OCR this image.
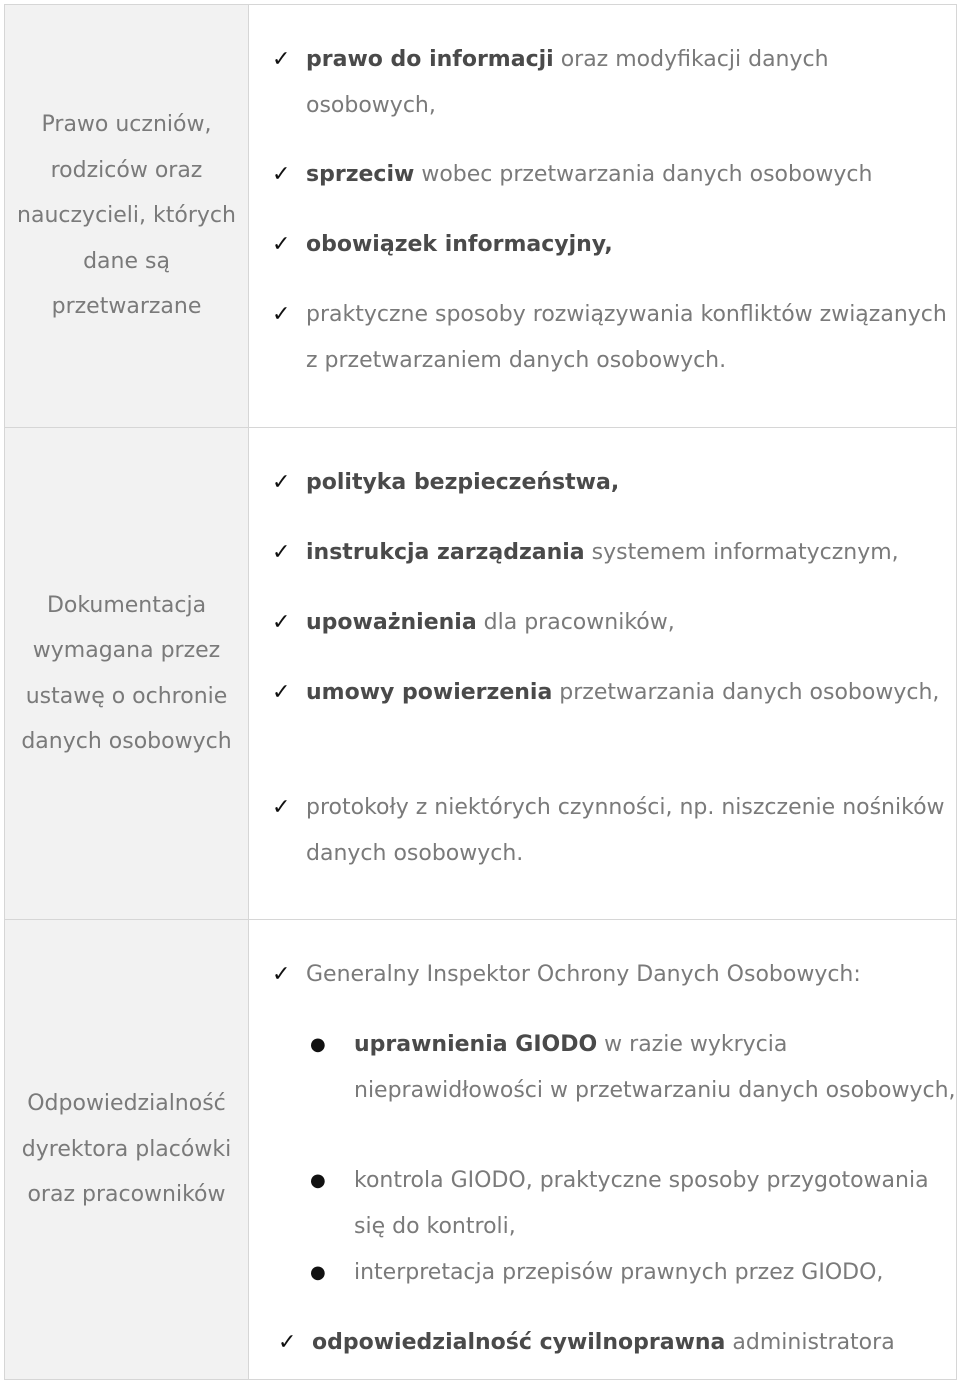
Prawo uczniów, rodziców oraz nauczycieli, których dane są przetwarzane
✓ prawo do informacji oraz modyfikacji danych osobowych,
✓ sprzeciw wobec przetwarzania danych osobowych
✓ obowiązek informacyjny,
✓ praktyczne sposoby rozwiązywania konfliktów związanych z przetwarzaniem danych osobowych.
Dokumentacja wymagana przez ustawę o ochronie danych osobowych
✓ polityka bezpieczeństwa,
✓ instrukcja zarządzania systemem informatycznym,
✓ upoważnienia dla pracowników,
✓ umowy powierzenia przetwarzania danych osobowych,
✓ protokoły z niektórych czynności, np. niszczenie nośników danych osobowych.
Odpowiedzialność dyrektora placówki oraz pracowników
✓ Generalny Inspektor Ochrony Danych Osobowych:
● uprawnienia GIODO w razie wykrycia nieprawidłowości w przetwarzaniu danych osobowych,
● kontrola GIODO, praktyczne sposoby przygotowania się do kontroli,
● interpretacja przepisów prawnych przez GIODO,
✓ odpowiedzialność cywilnoprawna administratora
